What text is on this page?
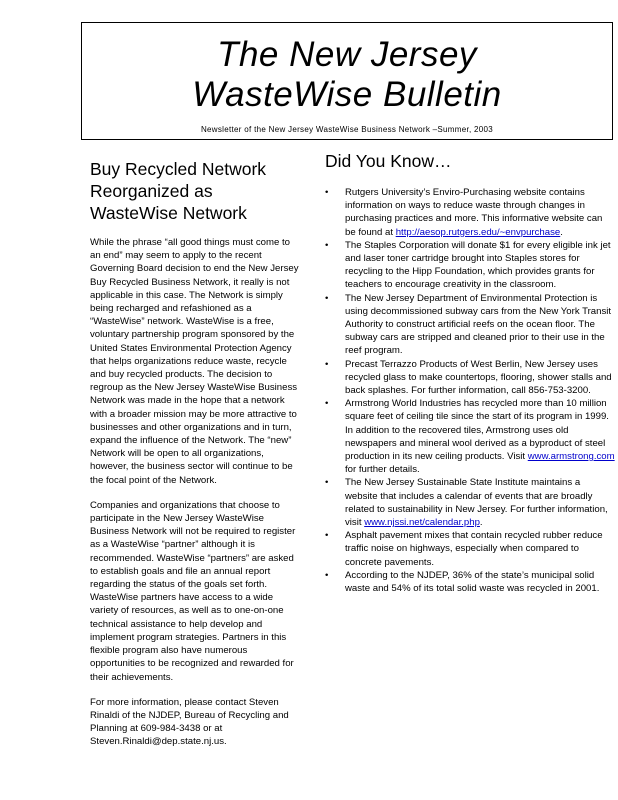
The New Jersey
WasteWise Bulletin
Newsletter of the New Jersey WasteWise Business Network –Summer, 2003
Buy Recycled Network Reorganized as WasteWise Network

While the phrase “all good things must come to an end” may seem to apply to the recent Governing Board decision to end the New Jersey Buy Recycled Business Network, it really is not applicable in this case. The Network is simply being recharged and refashioned as a “WasteWise” network. WasteWise is a free, voluntary partnership program sponsored by the United States Environmental Protection Agency that helps organizations reduce waste, recycle and buy recycled products. The decision to regroup as the New Jersey WasteWise Business Network was made in the hope that a network with a broader mission may be more attractive to businesses and other organizations and in turn, expand the influence of the Network. The “new” Network will be open to all organizations, however, the business sector will continue to be the focal point of the Network.

Companies and organizations that choose to participate in the New Jersey WasteWise Business Network will not be required to register as a WasteWise “partner” although it is recommended. WasteWise “partners” are asked to establish goals and file an annual report regarding the status of the goals set forth. WasteWise partners have access to a wide variety of resources, as well as to one-on-one technical assistance to help develop and implement program strategies. Partners in this flexible program also have numerous opportunities to be recognized and rewarded for their achievements.

For more information, please contact Steven Rinaldi of the NJDEP, Bureau of Recycling and Planning at 609-984-3438 or at Steven.Rinaldi@dep.state.nj.us.

Did You Know…
Rutgers University’s Enviro-Purchasing website contains information on ways to reduce waste through changes in purchasing practices and more. This informative website can be found at http://aesop.rutgers.edu/~envpurchase.
The Staples Corporation will donate $1 for every eligible ink jet and laser toner cartridge brought into Staples stores for recycling to the Hipp Foundation, which provides grants for teachers to encourage creativity in the classroom.
The New Jersey Department of Environmental Protection is using decommissioned subway cars from the New York Transit Authority to construct artificial reefs on the ocean floor. The subway cars are stripped and cleaned prior to their use in the reef program.
Precast Terrazzo Products of West Berlin, New Jersey uses recycled glass to make countertops, flooring, shower stalls and back splashes. For further information, call 856-753-3200.
Armstrong World Industries has recycled more than 10 million square feet of ceiling tile since the start of its program in 1999. In addition to the recovered tiles, Armstrong uses old newspapers and mineral wool derived as a byproduct of steel production in its new ceiling products. Visit www.armstrong.com for further details.
The New Jersey Sustainable State Institute maintains a website that includes a calendar of events that are broadly related to sustainability in New Jersey. For further information, visit www.njssi.net/calendar.php.
Asphalt pavement mixes that contain recycled rubber reduce traffic noise on highways, especially when compared to concrete pavements.
According to the NJDEP, 36% of the state’s municipal solid waste and 54% of its total solid waste was recycled in 2001.
